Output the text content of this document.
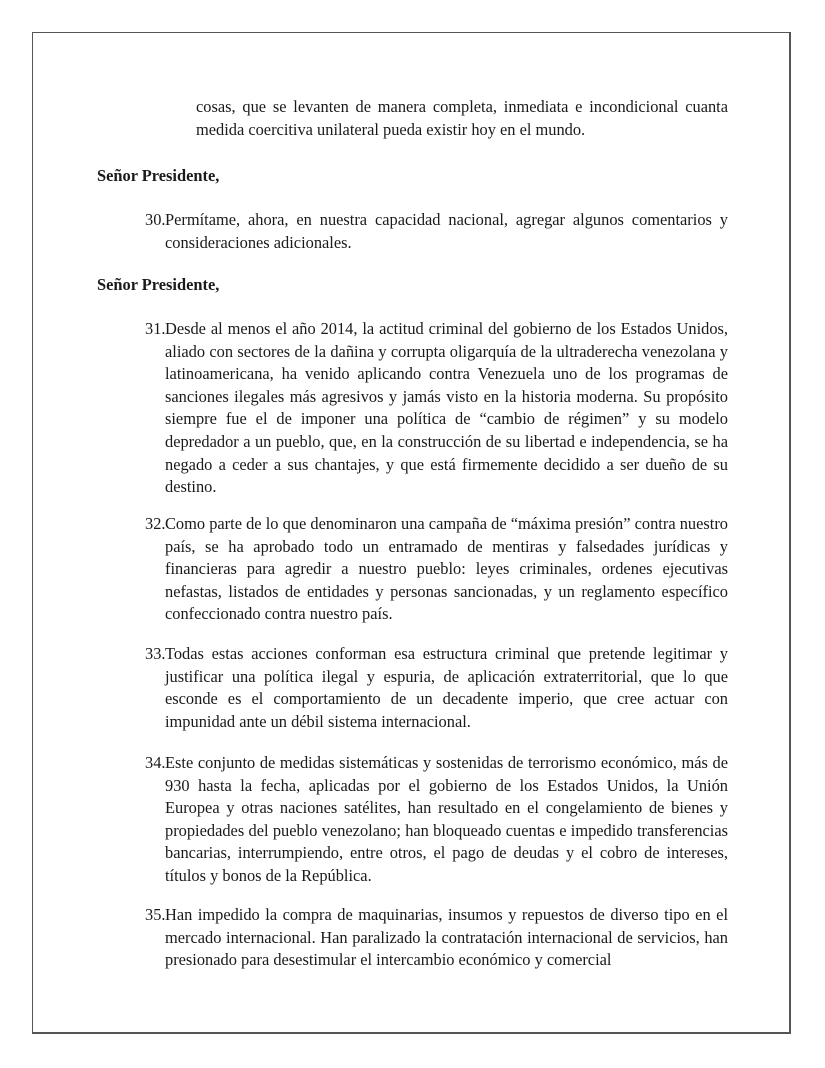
cosas, que se levanten de manera completa, inmediata e incondicional cuanta medida coercitiva unilateral pueda existir hoy en el mundo.
Señor Presidente,
30. Permítame, ahora, en nuestra capacidad nacional, agregar algunos comentarios y consideraciones adicionales.
Señor Presidente,
31. Desde al menos el año 2014, la actitud criminal del gobierno de los Estados Unidos, aliado con sectores de la dañina y corrupta oligarquía de la ultraderecha venezolana y latinoamericana, ha venido aplicando contra Venezuela uno de los programas de sanciones ilegales más agresivos y jamás visto en la historia moderna. Su propósito siempre fue el de imponer una política de “cambio de régimen” y su modelo depredador a un pueblo, que, en la construcción de su libertad e independencia, se ha negado a ceder a sus chantajes, y que está firmemente decidido a ser dueño de su destino.
32. Como parte de lo que denominaron una campaña de “máxima presión” contra nuestro país, se ha aprobado todo un entramado de mentiras y falsedades jurídicas y financieras para agredir a nuestro pueblo: leyes criminales, ordenes ejecutivas nefastas, listados de entidades y personas sancionadas, y un reglamento específico confeccionado contra nuestro país.
33. Todas estas acciones conforman esa estructura criminal que pretende legitimar y justificar una política ilegal y espuria, de aplicación extraterritorial, que lo que esconde es el comportamiento de un decadente imperio, que cree actuar con impunidad ante un débil sistema internacional.
34. Este conjunto de medidas sistemáticas y sostenidas de terrorismo económico, más de 930 hasta la fecha, aplicadas por el gobierno de los Estados Unidos, la Unión Europea y otras naciones satélites, han resultado en el congelamiento de bienes y propiedades del pueblo venezolano; han bloqueado cuentas e impedido transferencias bancarias, interrumpiendo, entre otros, el pago de deudas y el cobro de intereses, títulos y bonos de la República.
35. Han impedido la compra de maquinarias, insumos y repuestos de diverso tipo en el mercado internacional. Han paralizado la contratación internacional de servicios, han presionado para desestimular el intercambio económico y comercial
